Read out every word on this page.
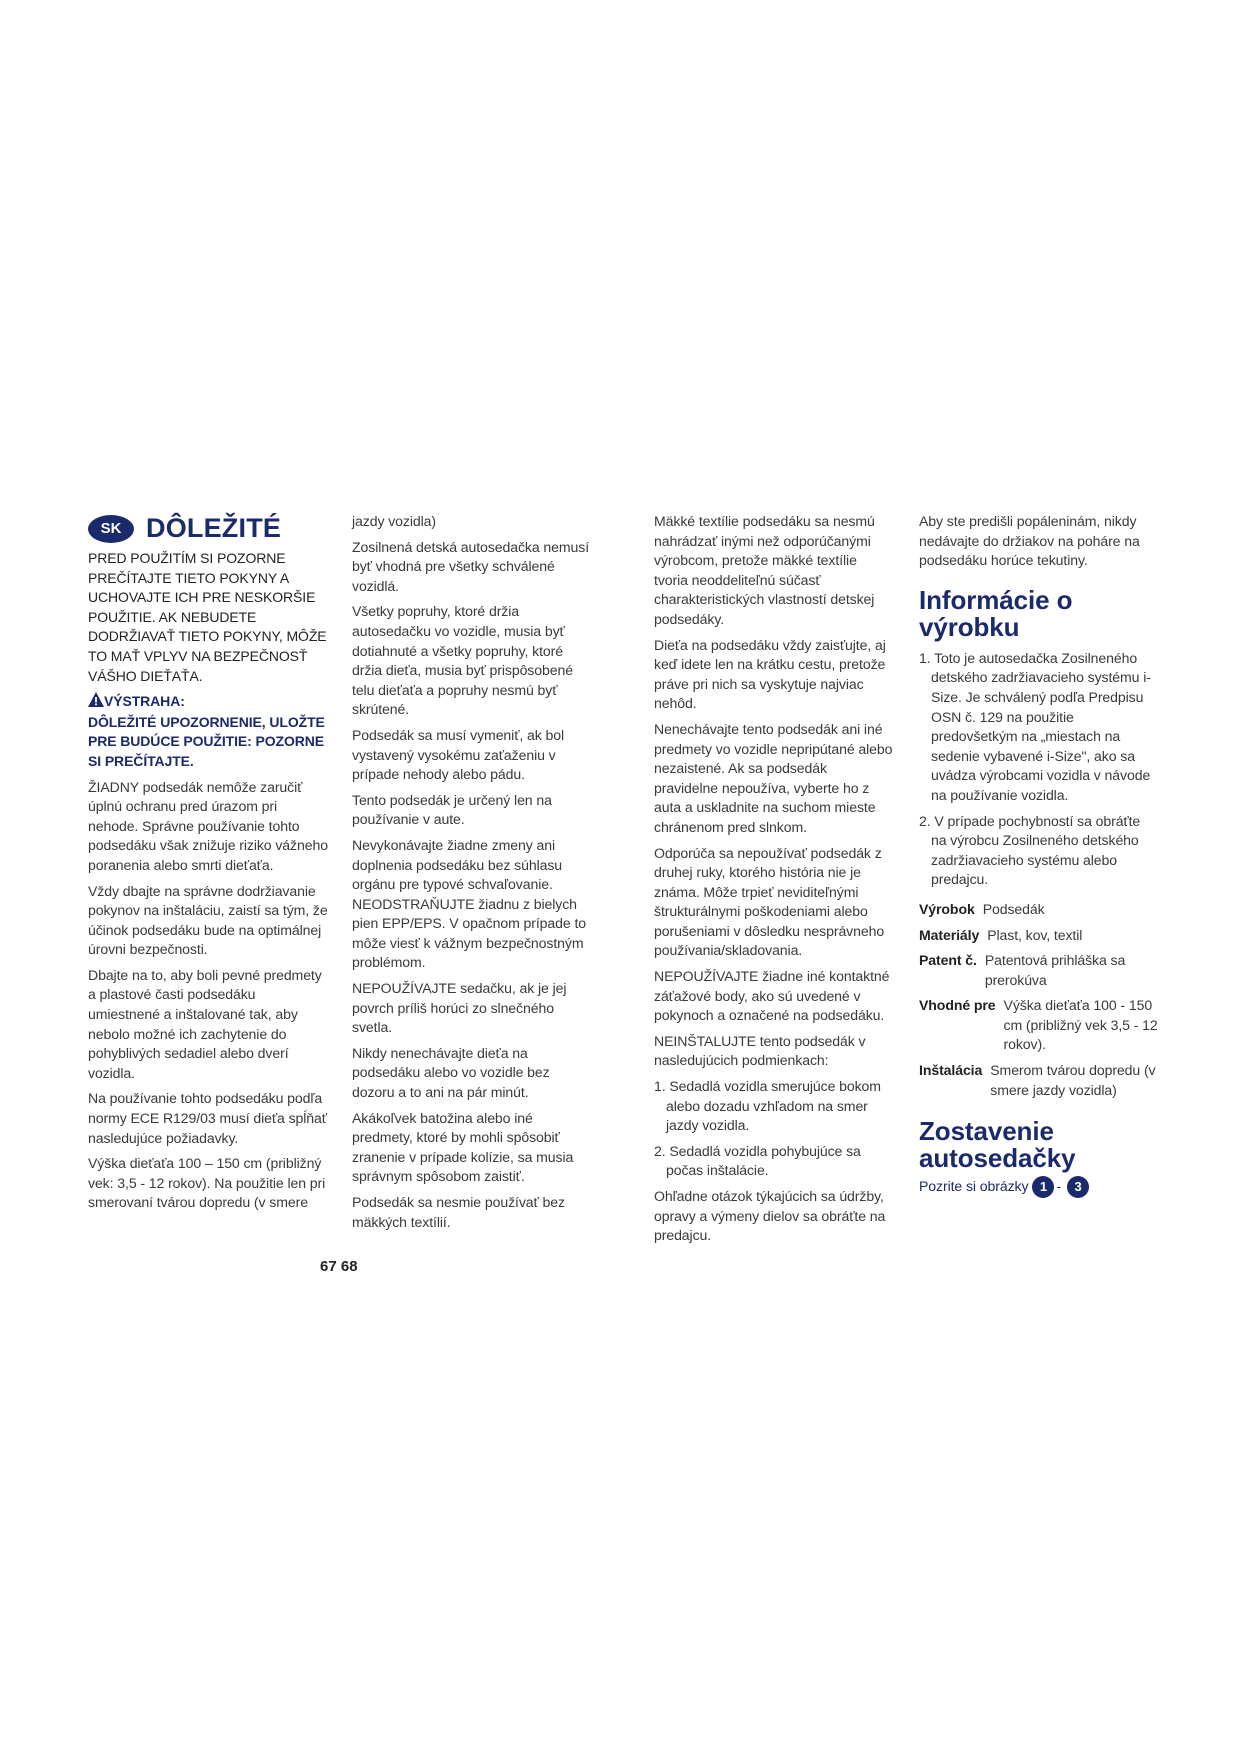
SK DÔLEŽITÉ
PRED POUŽITÍM SI POZORNE PREČÍTAJTE TIETO POKYNY A UCHOVAJTE ICH PRE NESKORŠIE POUŽITIE. AK NEBUDETE DODRŽIAVAŤ TIETO POKYNY, MÔŽE TO MAŤ VPLYV NA BEZPEČNOSŤ VÁŠHO DIEŤAŤA.
VÝSTRAHA:
DÔLEŽITÉ UPOZORNENIE, ULOŽTE PRE BUDÚCE POUŽITIE: POZORNE SI PREČÍTAJTE.

ŽIADNY podsedák nemôže zaručiť úplnú ochranu pred úrazom pri nehode. Správne používanie tohto podsedáku však znižuje riziko vážneho poranenia alebo smrti dieťaťa.

Vždy dbajte na správne dodržiavanie pokynov na inštaláciu, zaistí sa tým, že účinok podsedáku bude na optimálnej úrovni bezpečnosti.

Dbajte na to, aby boli pevné predmety a plastové časti podsedáku umiestnené a inštalované tak, aby nebolo možné ich zachytenie do pohyblivých sedadiel alebo dverí vozidla.

Na používanie tohto podsedáku podľa normy ECE R129/03 musí dieťa spĺňať nasledujúce požiadavky.

Výška dieťaťa 100 – 150 cm (približný vek: 3,5 - 12 rokov). Na použitie len pri smerovaní tvárou dopredu (v smere

jazdy vozidla)

Zosilnená detská autosedačka nemusí byť vhodná pre všetky schválené vozidlá.

Všetky popruhy, ktoré držia autosedačku vo vozidle, musia byť dotiahnuté a všetky popruhy, ktoré držia dieťa, musia byť prispôsobené telu dieťaťa a popruhy nesmú byť skrútené.

Podsedák sa musí vymeniť, ak bol vystavený vysokému zaťaženiu v prípade nehody alebo pádu.

Tento podsedák je určený len na používanie v aute.

Nevykonávajte žiadne zmeny ani doplnenia podsedáku bez súhlasu orgánu pre typové schvaľovanie. NEODSTRAŇUJTE žiadnu z bielych pien EPP/EPS. V opačnom prípade to môže viesť k vážnym bezpečnostným problémom.

NEPOUŽÍVAJTE sedačku, ak je jej povrch príliš horúci zo slnečného svetla.

Nikdy nenechávajte dieťa na podsedáku alebo vo vozidle bez dozoru a to ani na pár minút.

Akákoľvek batožina alebo iné predmety, ktoré by mohli spôsobiť zranenie v prípade kolízie, sa musia správnym spôsobom zaistiť.

Podsedák sa nesmie používať bez mäkkých textílií.

Mäkké textílie podsedáku sa nesmú nahrádzať inými než odporúčanými výrobcom, pretože mäkké textílie tvoria neoddeliteľnú súčasť charakteristických vlastností detskej podsedáky.

Dieťa na podsedáku vždy zaisťujte, aj keď idete len na krátku cestu, pretože práve pri nich sa vyskytuje najviac nehôd.

Nenechávajte tento podsedák ani iné predmety vo vozidle nepripútané alebo nezaistené. Ak sa podsedák pravidelne nepoužíva, vyberte ho z auta a uskladnite na suchom mieste chránenom pred slnkom.

Odporúča sa nepoužívať podsedák z druhej ruky, ktorého história nie je známa. Môže trpieť neviditeľnými štrukturálnymi poškodeniami alebo porušeniami v dôsledku nesprávneho používania/skladovania.

NEPOUŽÍVAJTE žiadne iné kontaktné záťažové body, ako sú uvedené v pokynoch a označené na podsedáku.

NEINŠTALUJTE tento podsedák v nasledujúcich podmienkach:

1. Sedadlá vozidla smerujúce bokom alebo dozadu vzhľadom na smer jazdy vozidla.
2. Sedadlá vozidla pohybujúce sa počas inštalácie.

Ohľadne otázok týkajúcich sa údržby, opravy a výmeny dielov sa obráťte na predajcu.

Aby ste predišli popáleninám, nikdy nedávajte do držiakov na poháre na podsedáku horúce tekutiny.

Informácie o výrobku
1. Toto je autosedačka Zosilneného detského zadržiavacieho systému i-Size. Je schválený podľa Predpisu OSN č. 129 na použitie predovšetkým na „miestach na sedenie vybavené i-Size", ako sa uvádza výrobcami vozidla v návode na používanie vozidla.
2. V prípade pochybností sa obráťte na výrobcu Zosilneného detského zadržiavacieho systému alebo predajcu.
Výrobok Podsedák
Materiály Plast, kov, textil
Patent č. Patentová prihláška sa prerokúva
Vhodné pre Výška dieťaťa 100 - 150 cm (približný vek 3,5 - 12 rokov).
Inštalácia Smerom tvárou dopredu (v smere jazdy vozidla)
Zostavenie autosedačky
Pozrite si obrázky 1 -	3
67 68
